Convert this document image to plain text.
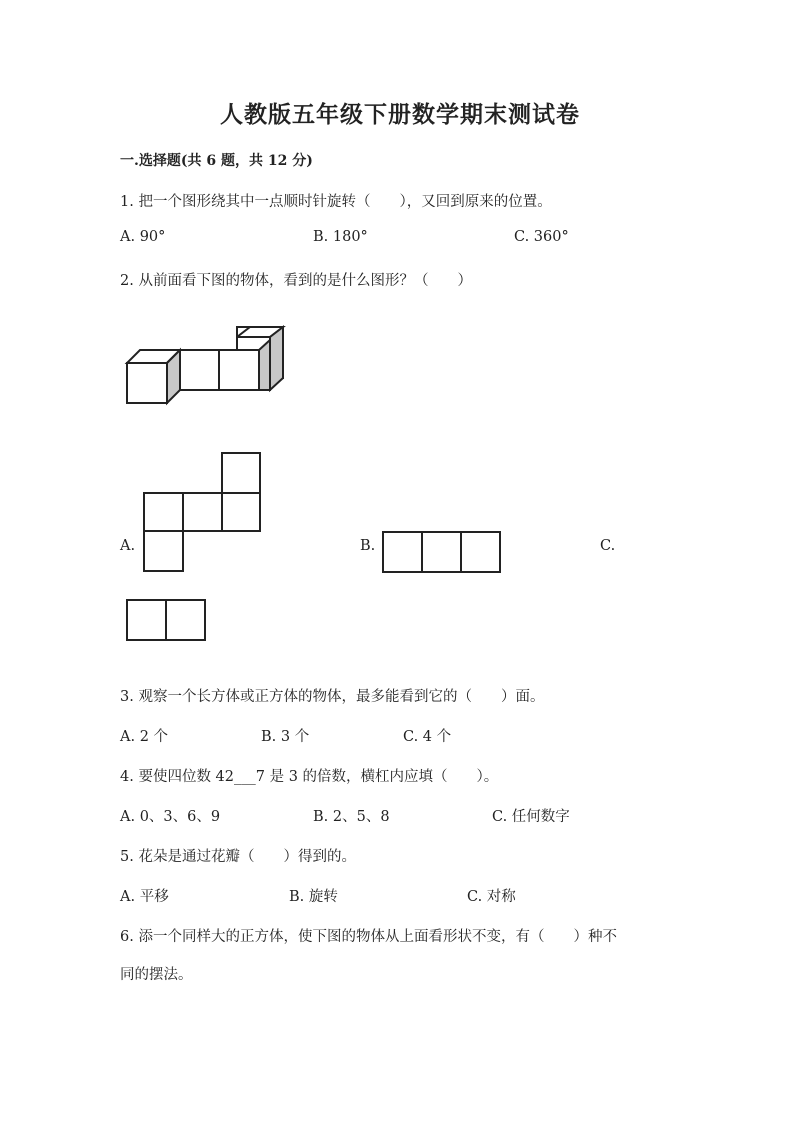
人教版五年级下册数学期末测试卷
一.选择题(共 6 题，共 12 分)
1. 把一个图形绕其中一点顺时针旋转（　　），又回到原来的位置。
A. 90°	B. 180°	C. 360°
2. 从前面看下图的物体，看到的是什么图形？（　　）
A.	B.	C.
3. 观察一个长方体或正方体的物体，最多能看到它的（　　）面。
A. 2 个	B. 3 个	C. 4 个
4. 要使四位数 42___7 是 3 的倍数，横杠内应填（　　）。
A. 0、3、6、9	B. 2、5、8	C. 任何数字
5. 花朵是通过花瓣（　　）得到的。
A. 平移	B. 旋转	C. 对称
6. 添一个同样大的正方体，使下图的物体从上面看形状不变，有（　　）种不
同的摆法。
